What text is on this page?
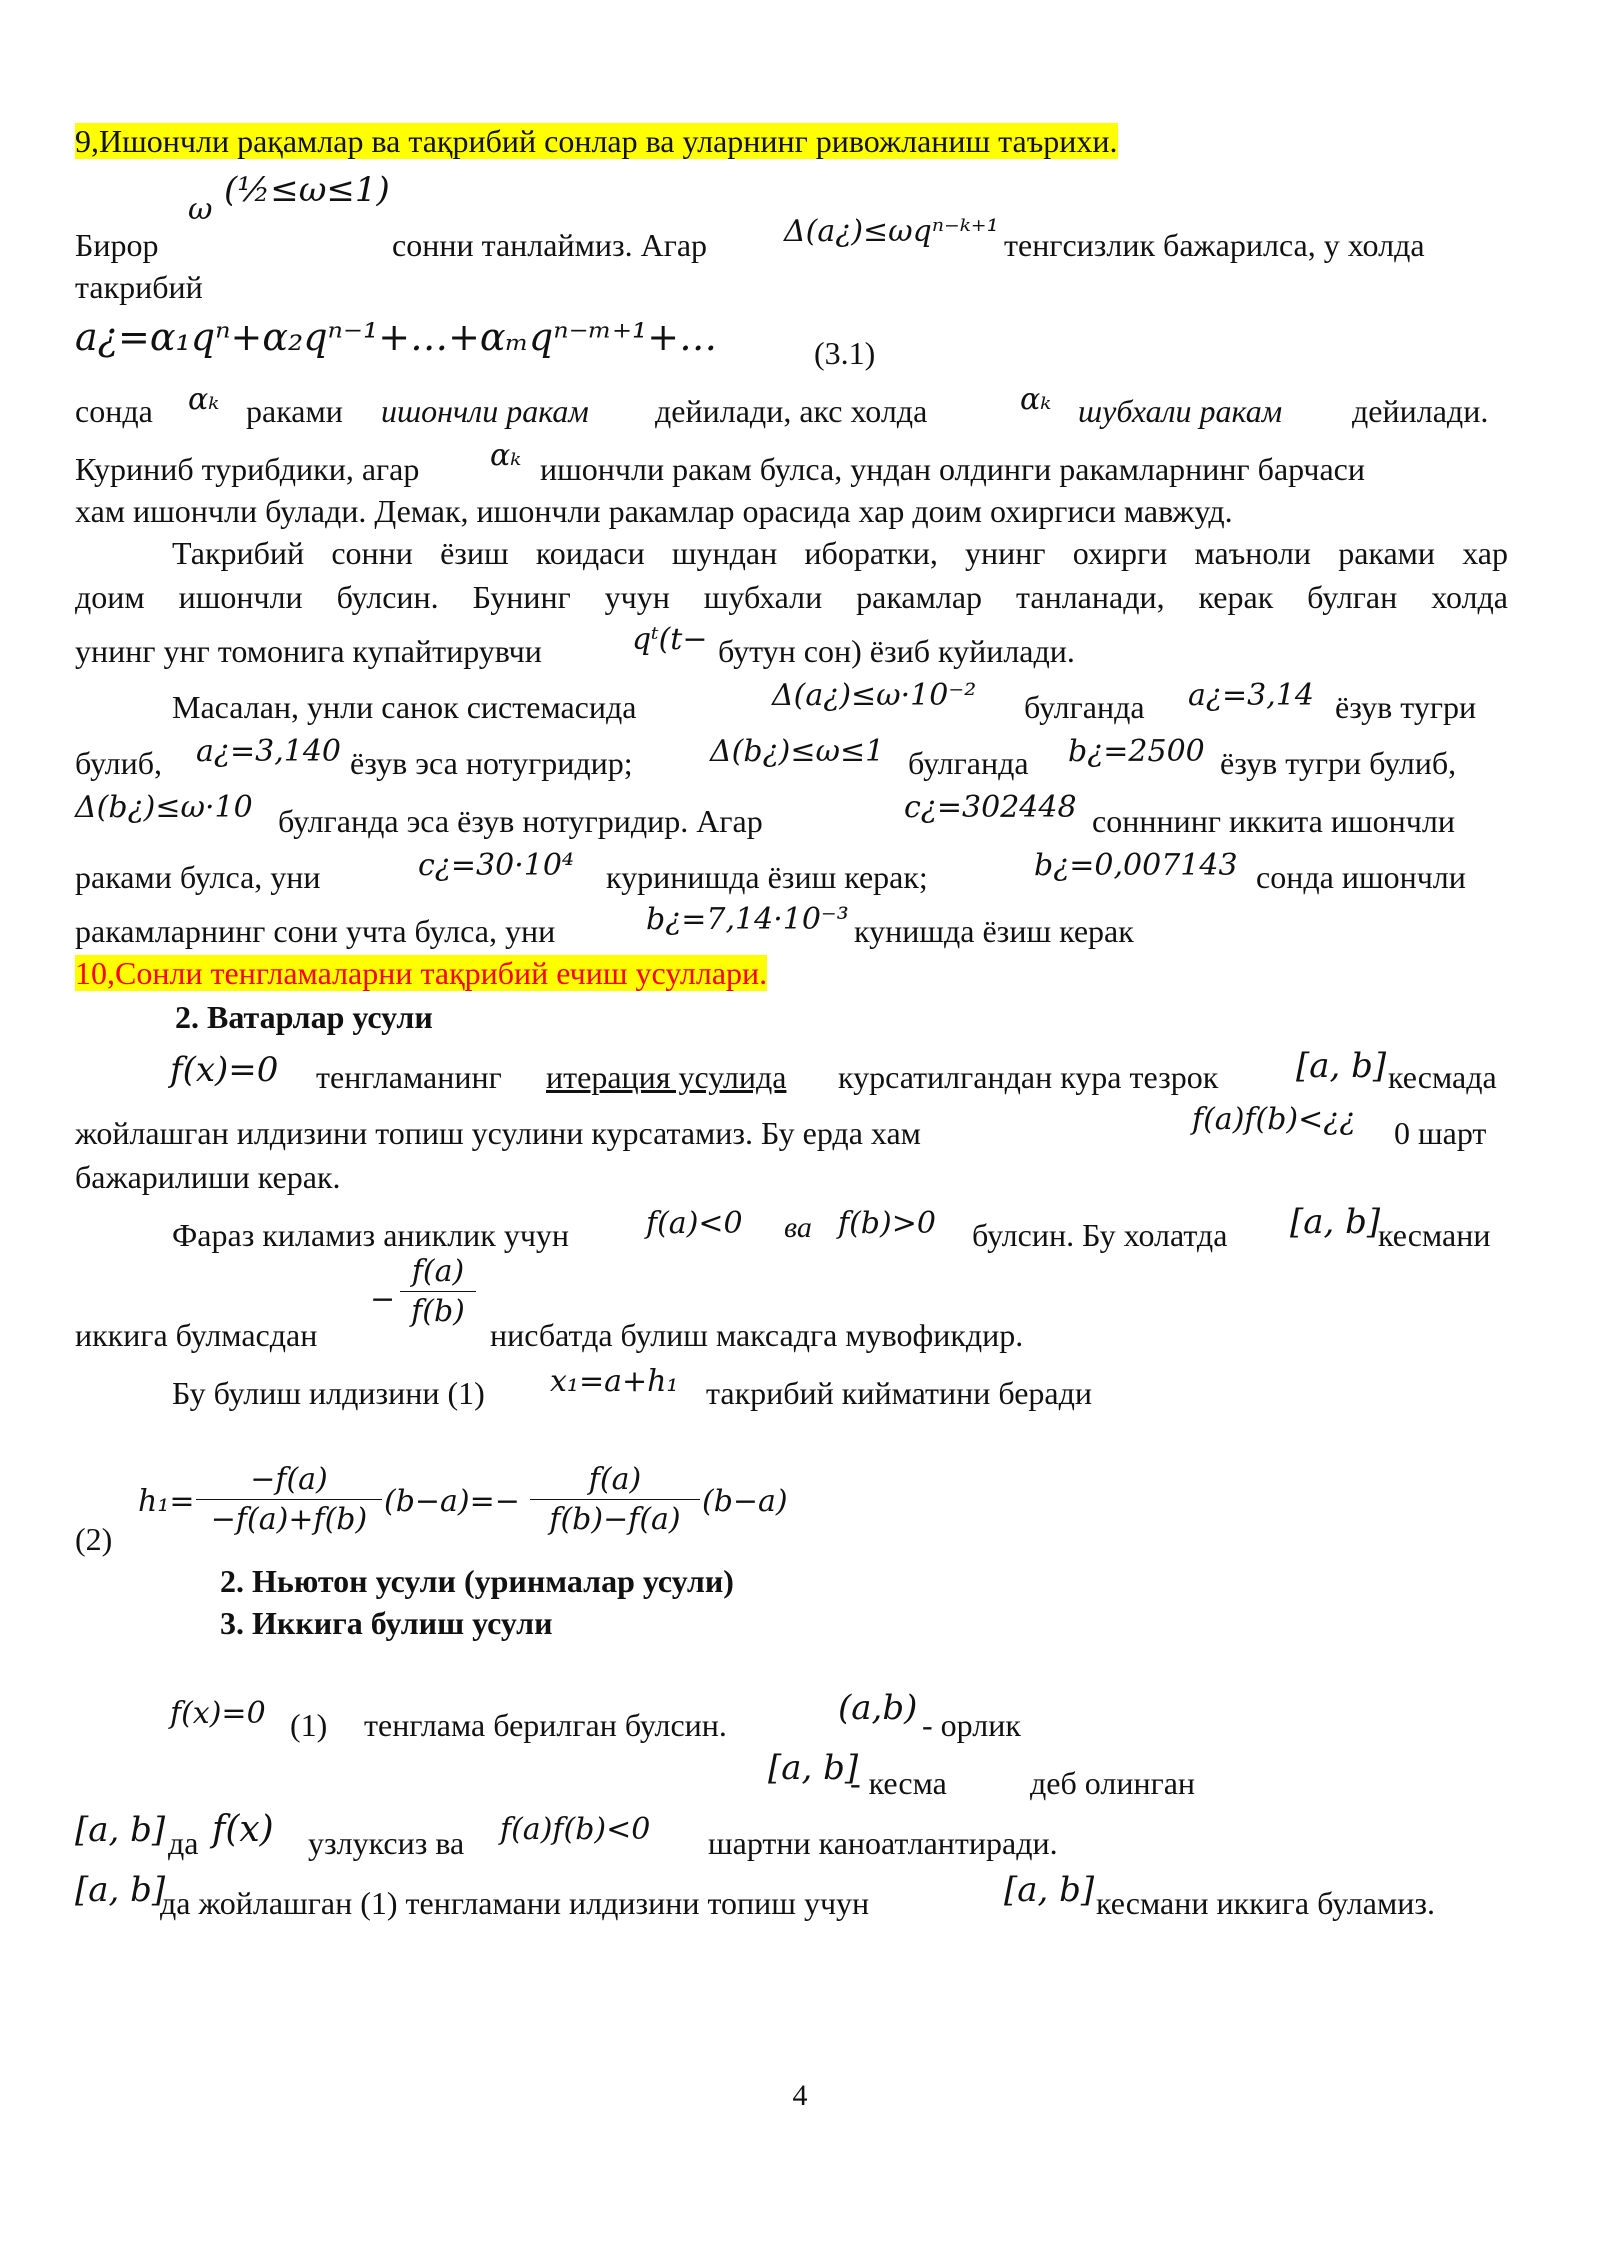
9,Ишончли рақамлар ва тақрибий сонлар ва уларнинг ривожланиш таърихи.
ω (½≤ω≤1)
Бирор	сонни танлаймиз. Агар	Δ(a¿)≤ωqⁿ⁻ᵏ⁺¹ тенгсизлик бажарилса, у холда
такрибий
a¿=α₁qⁿ+α₂qⁿ⁻¹+…+αₘqⁿ⁻ᵐ⁺¹+…	(3.1)
сонда αₖ раками ишончли ракам дейилади, акс холда	αₖ шубхали ракам дейилади.
Куриниб турибдики, агар αₖ ишончли ракам булса, ундан олдинги ракамларнинг барчаси
хам ишончли булади. Демак, ишончли ракамлар орасида хар доим охиргиси мавжуд.
Такрибий сонни ёзиш коидаси шундан иборатки, унинг охирги маъноли раками хар
доим ишончли булсин. Бунинг учун шубхали ракамлар танланади, керак булган холда
унинг унг томонига купайтирувчи	qᵗ(t− бутун сон) ёзиб куйилади.
Масалан, унли санок системасида	Δ(a¿)≤ω·10⁻² булганда a¿=3,14 ёзув тугри
булиб, a¿=3,140 ёзув эса нотугридир;	Δ(b¿)≤ω≤1 булганда b¿=2500 ёзув тугри булиб,
Δ(b¿)≤ω·10 булганда эса ёзув нотугридир. Агар	c¿=302448 сонннинг иккита ишончли
раками булса, уни	c¿=30·10⁴ куринишда ёзиш керак;	b¿=0,007143 сонда ишончли
ракамларнинг сони учта булса, уни	b¿=7,14·10⁻³ кунишда ёзиш керак
10,Сонли тенгламаларни тақрибий ечиш усуллари.
2. Ватарлар усули
f(x)=0 тенгламанинг итерация усулида курсатилгандан кура тезрок [a, b] кесмада
жойлашган илдизини топиш усулини курсатамиз. Бу ерда хам	f(a)f(b)<¿¿ 0 шарт
бажарилиши керак.
Фараз киламиз аниклик учун	f(a)<0 ва f(b)>0 булсин. Бу холатда [a, b]
кесмани
иккига булмасдан
− $\frac{f(a)}{f(b)}$
нисбатда булиш максадга мувофикдир.
Бу булиш илдизини (1) x₁=a+h₁ такрибий кийматини беради
(2)
$h_1= \frac{-f(a)}{-f(a)+f(b)} (b-a)=- \frac{f(a)}{f(b)-f(a)} (b-a)$
2. Ньютон усули (уринмалар усули)
3. Иккига булиш усули
f(x)=0 (1) тенглама берилган булсин.	(a,b) - орлик
[a, b]
- кесма	деб олинган
[a, b] да f(x) узлуксиз ва f(a)f(b)<0 шартни каноатлантиради.
[a, b]
да жойлашган (1) тенгламани илдизини топиш учун	[a, b] кесмани иккига буламиз.
4
